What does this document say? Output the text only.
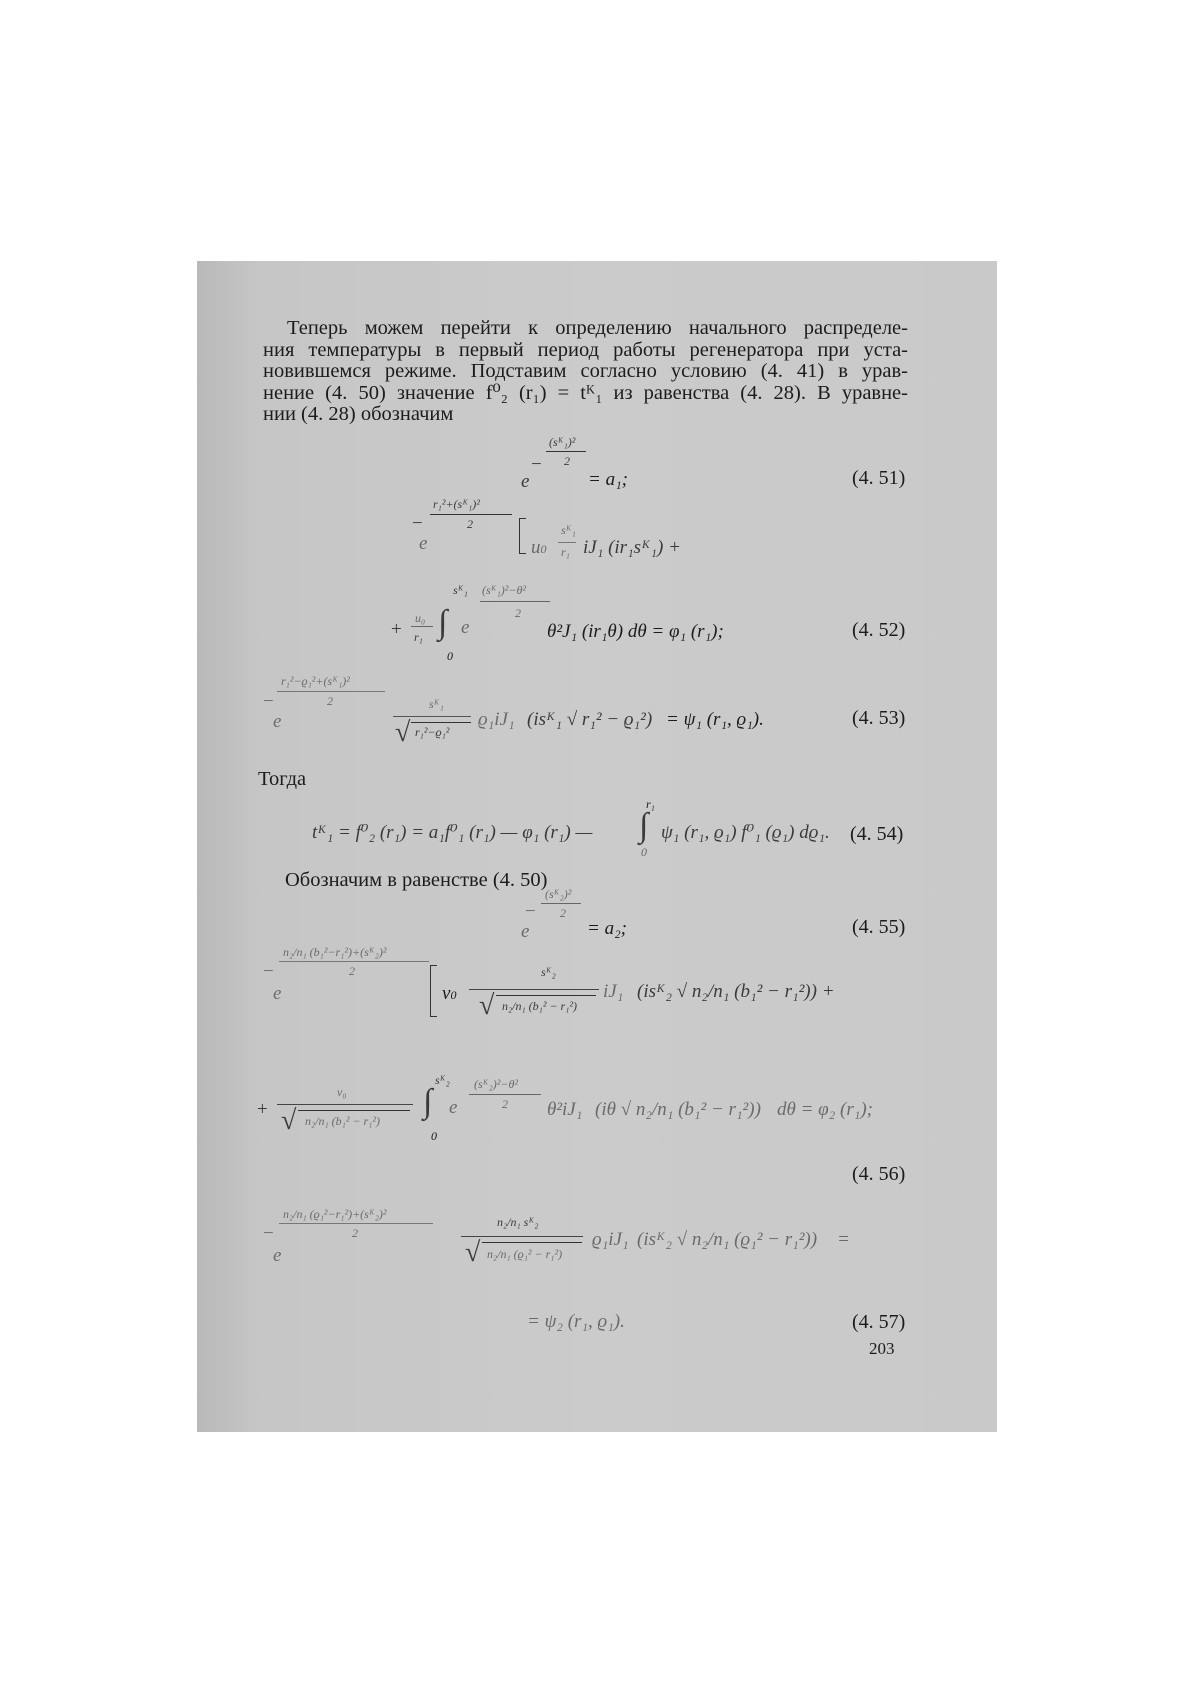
Теперь можем перейти к определению начального распределе-
ния температуры в первый период работы регенератора при уста-
новившемся режиме. Подставим согласно условию (4. 41) в урав-
нение (4. 50) значение f⁰₂ (r₁) = tᴷ₁ из равенства (4. 28). В уравне-
нии (4. 28) обозначим
e
−
(sᴷ₁)²
2
= a₁;	(4. 51)
−
r₁²+(sᴷ₁)²
2
e	u0
sᴷ₁
r₁ iJ₁ (ir₁sᴷ₁) +
sᴷ₁ (sᴷ₁)²−θ²
2
+
u₀
r₁ ∫ e
0
θ²J₁ (ir₁θ) dθ = φ₁ (r₁);	(4. 52)
−
r₁²−ϱ₁²+(sᴷ₁)²
2
e
sᴷ₁
√ r₁²−ϱ₁²
ϱ₁iJ₁ (isᴷ₁ √ r₁² − ϱ₁²) = ψ₁ (r₁, ϱ₁).	(4. 53)
Тогда
tᴷ₁ = f⁰₂ (r₁) = a₁f⁰₁ (r₁) — φ₁ (r₁) —
r₁
∫
0
ψ₁ (r₁, ϱ₁) f⁰₁ (ϱ₁) dϱ₁. (4. 54)
Обозначим в равенстве (4. 50)
−
(sᴷ₂)²
2
e	= a₂;	(4. 55)
−
n₂/n₁ (b₁²−r₁²)+(sᴷ₂)²
2
e	v0
sᴷ₂
√ n₂/n₁ (b₁² − r₁²)
iJ₁ (isᴷ₂ √ n₂/n₁ (b₁² − r₁²)) +
sᴷ₂ (sᴷ₂)²−θ²
2
+
v₀
√ n₂/n₁ (b₁² − r₁²)
∫ e
0
θ²iJ₁ (iθ √ n₂/n₁ (b₁² − r₁²)) dθ = φ₂ (r₁);
(4. 56)
−
n₂/n₁ (ϱ₁²−r₁²)+(sᴷ₂)²
2
e
n₂/n₁ sᴷ₂
√ n₂/n₁ (ϱ₁² − r₁²)
ϱ₁iJ₁ (isᴷ₂ √ n₂/n₁ (ϱ₁² − r₁²)) =
= ψ₂ (r₁, ϱ₁).	(4. 57)
203
